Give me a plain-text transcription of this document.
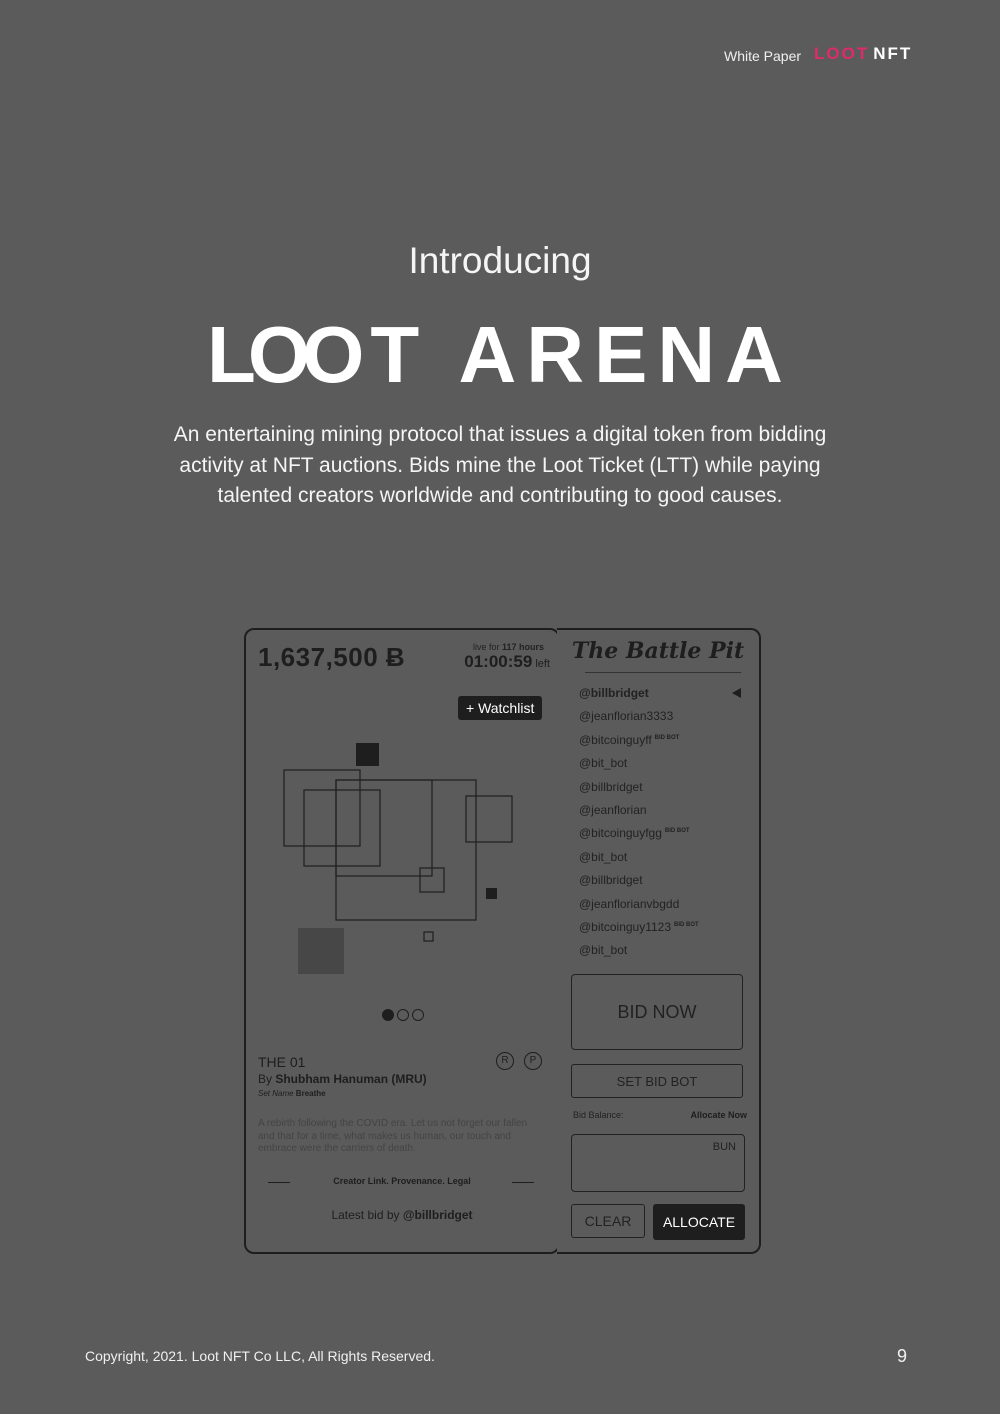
White Paper LOOT NFT
Introducing
LOO T ARENA
An entertaining mining protocol that issues a digital token from bidding activity at NFT auctions. Bids mine the Loot Ticket (LTT) while paying talented creators worldwide and contributing to good causes.
1,637,500 Ƀ	live for 117 hours
01:00:59 left
+ Watchlist
THE 01	R	P
By Shubham Hanuman (MRU)
Set Name Breathe
A rebirth following the COVID era. Let us not forget our fallen and that for a time, what makes us human, our touch and embrace were the carriers of death.
Creator Link. Provenance. Legal
Latest bid by @billbridget
The Battle Pit
@billbridget
@jeanflorian3333
@bitcoinguyff $^{BID BOT}$
@bit_bot
@billbridget
@jeanflorian
@bitcoinguyfgg $^{BID BOT}$
@bit_bot
@billbridget
@jeanflorianvbgdd
@bitcoinguy1123 $^{BID BOT}$
@bit_bot
BID NOW
SET BID BOT
Bid Balance:	Allocate Now
BUN
CLEAR	ALLOCATE
Copyright, 2021. Loot NFT Co LLC, All Rights Reserved.	9
